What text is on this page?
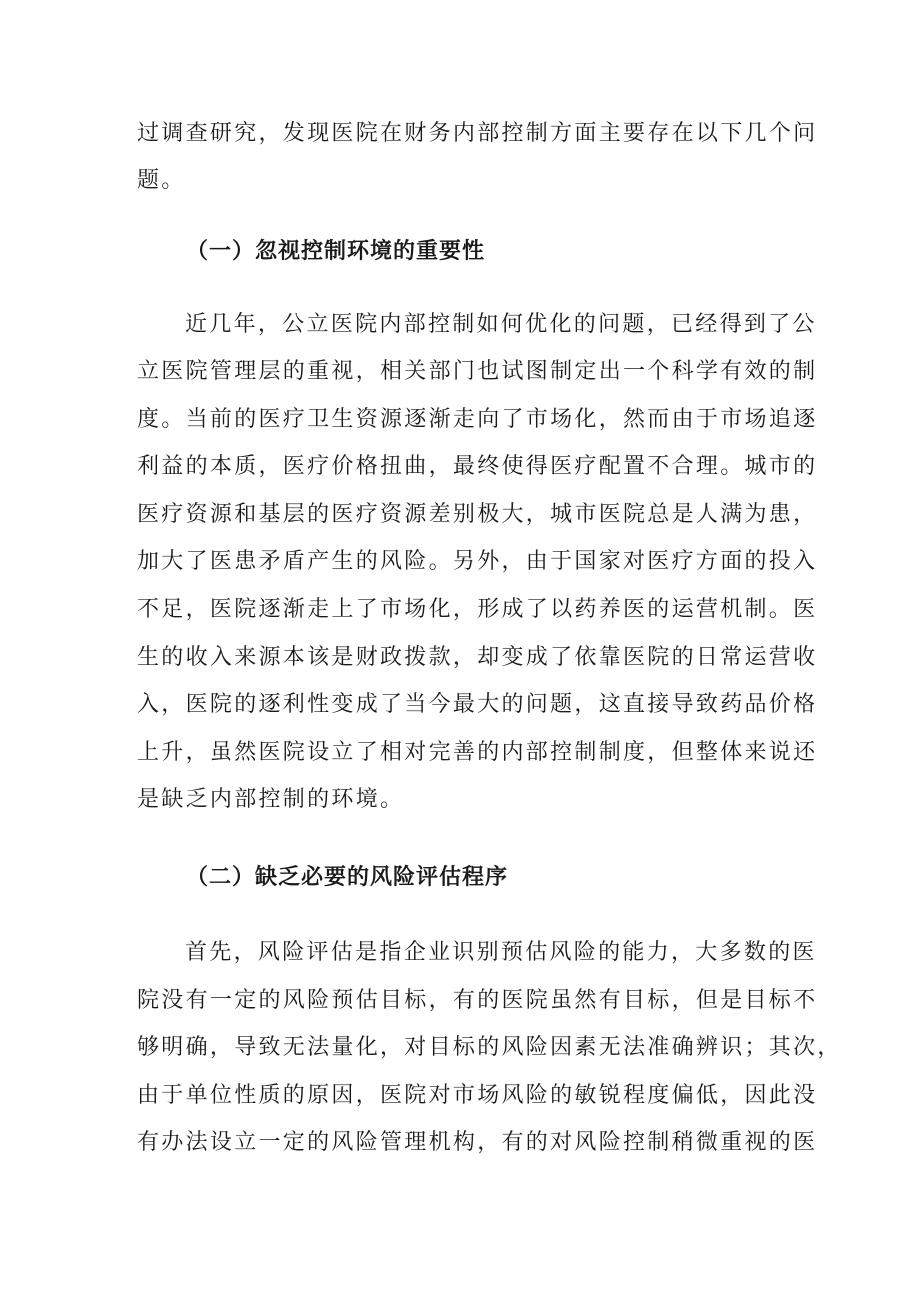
过调查研究，发现医院在财务内部控制方面主要存在以下几个问
题。
（一）忽视控制环境的重要性
近几年，公立医院内部控制如何优化的问题，已经得到了公
立医院管理层的重视，相关部门也试图制定出一个科学有效的制
度。当前的医疗卫生资源逐渐走向了市场化，然而由于市场追逐
利益的本质，医疗价格扭曲，最终使得医疗配置不合理。城市的
医疗资源和基层的医疗资源差别极大，城市医院总是人满为患，
加大了医患矛盾产生的风险。另外，由于国家对医疗方面的投入
不足，医院逐渐走上了市场化，形成了以药养医的运营机制。医
生的收入来源本该是财政拨款，却变成了依靠医院的日常运营收
入，医院的逐利性变成了当今最大的问题，这直接导致药品价格
上升，虽然医院设立了相对完善的内部控制制度，但整体来说还
是缺乏内部控制的环境。
（二）缺乏必要的风险评估程序
首先，风险评估是指企业识别预估风险的能力，大多数的医
院没有一定的风险预估目标，有的医院虽然有目标，但是目标不
够明确，导致无法量化，对目标的风险因素无法准确辨识；其次，
由于单位性质的原因，医院对市场风险的敏锐程度偏低，因此没
有办法设立一定的风险管理机构，有的对风险控制稍微重视的医
